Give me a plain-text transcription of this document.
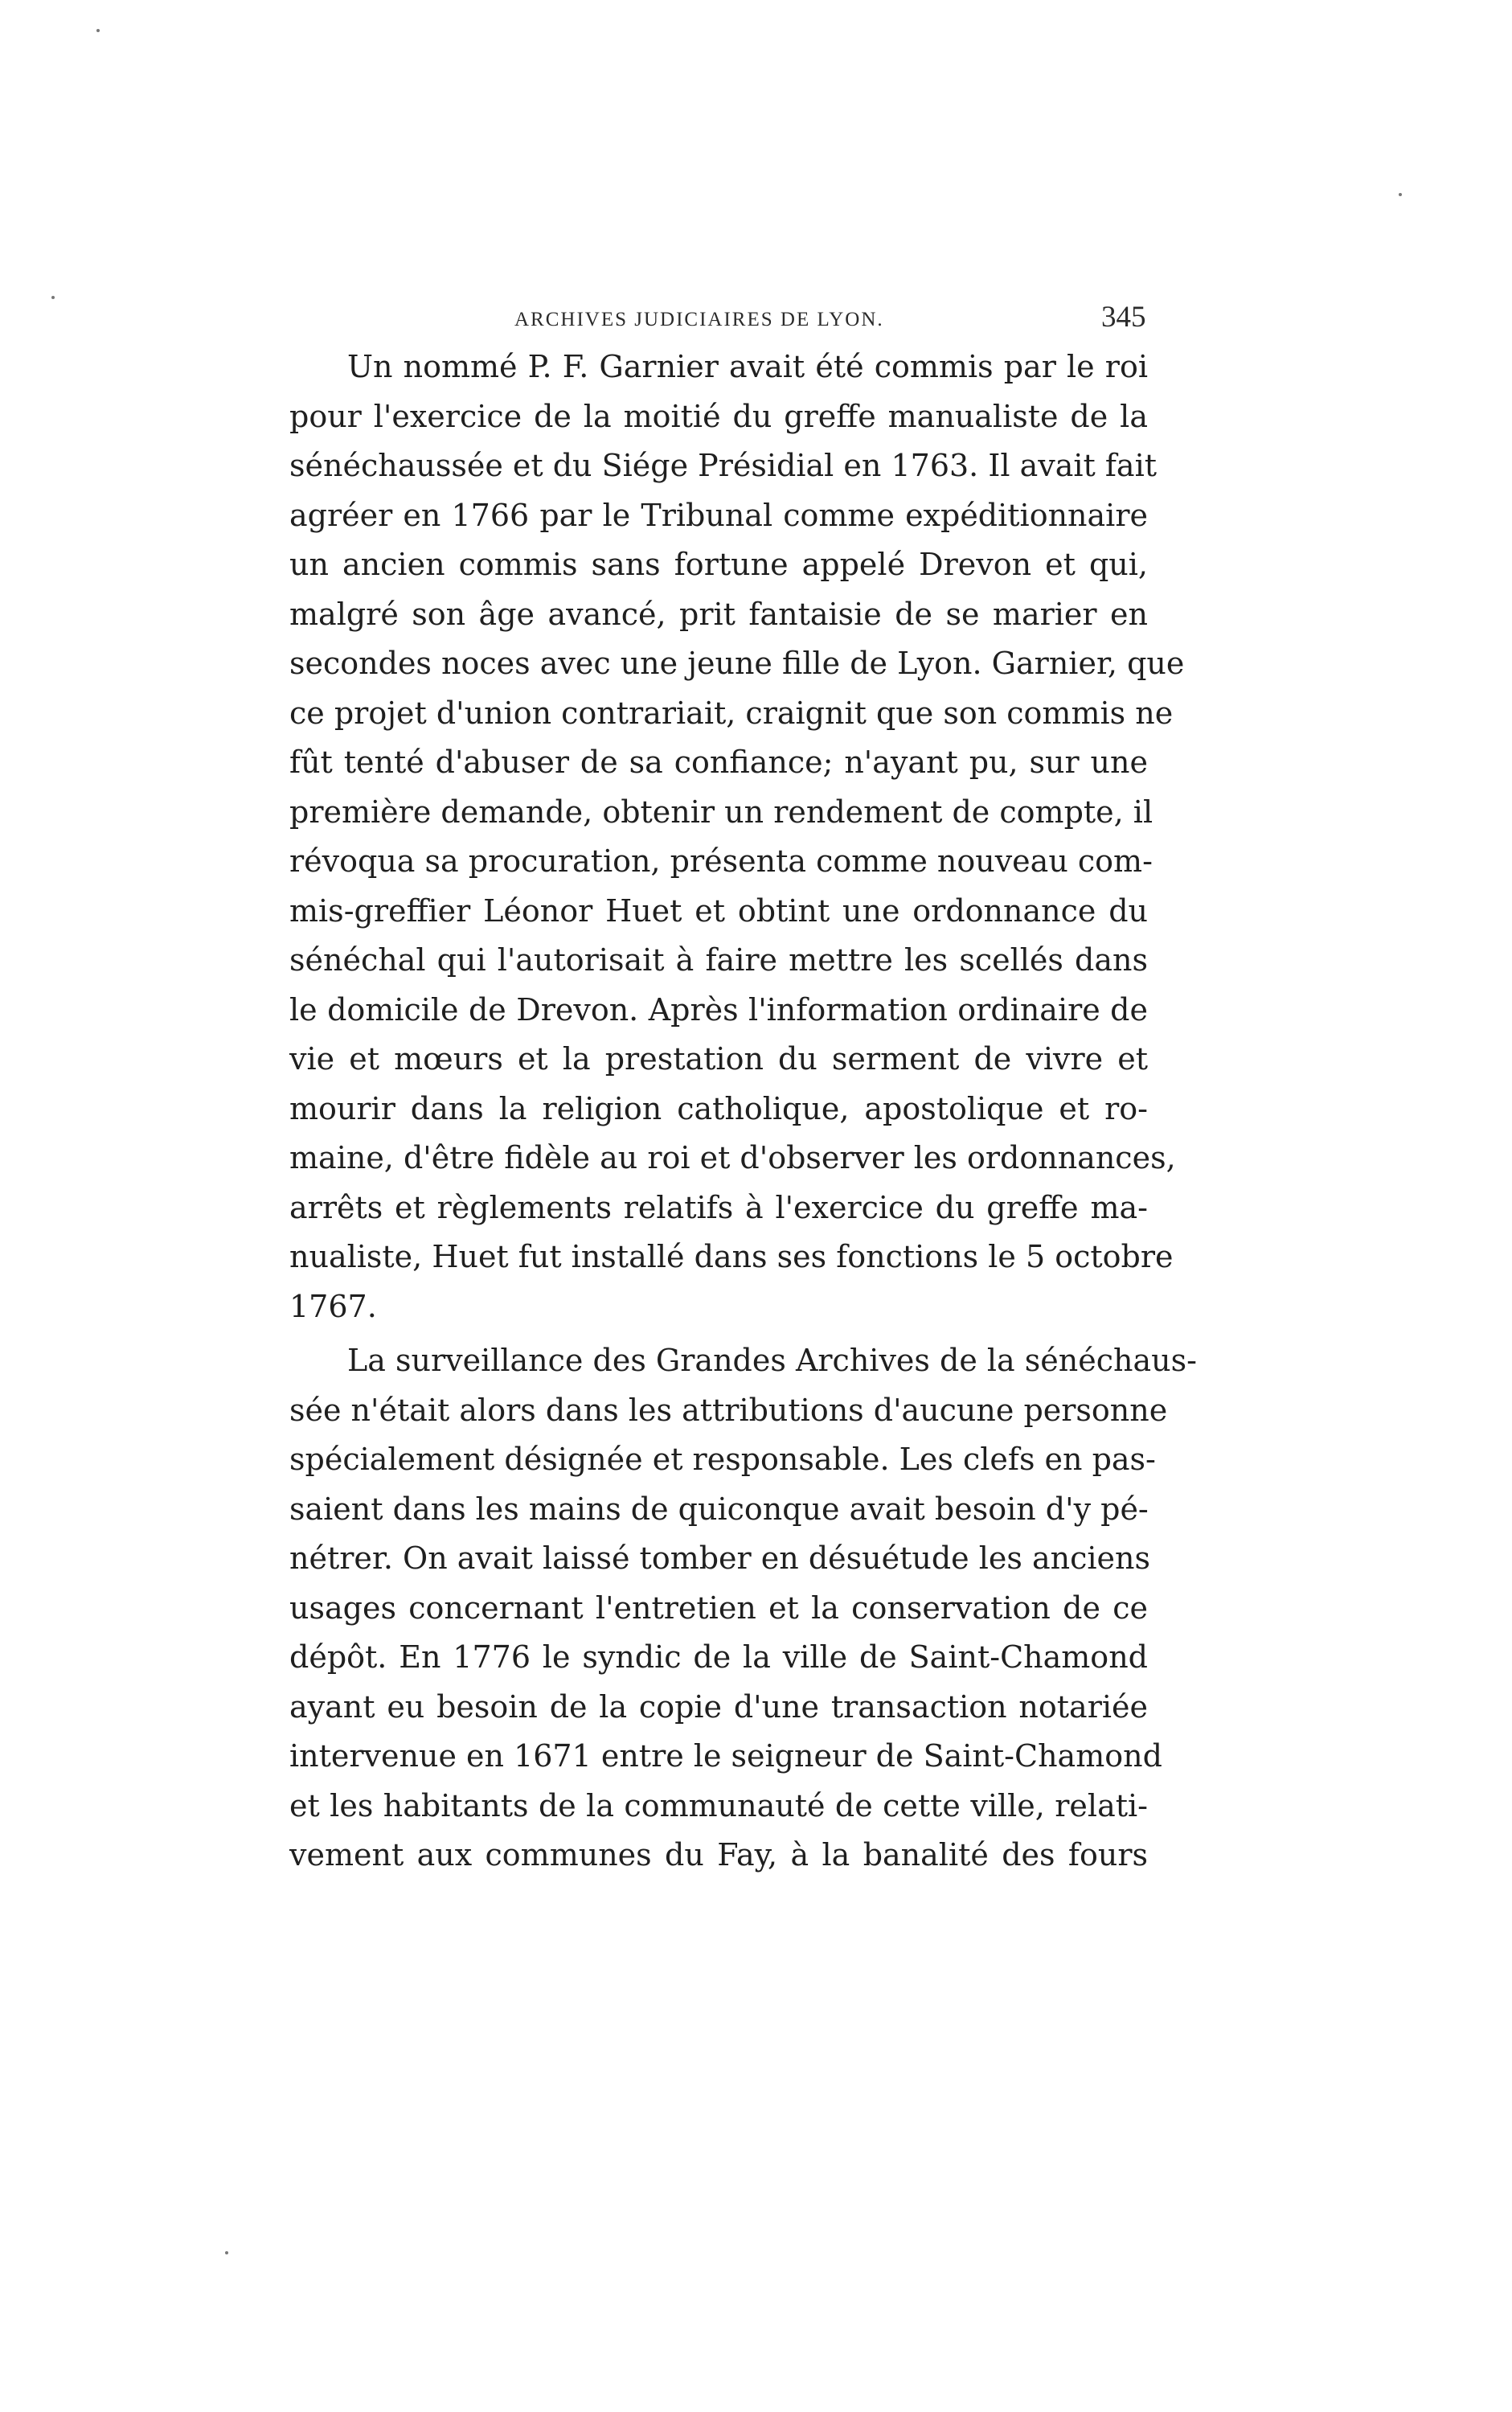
ARCHIVES JUDICIAIRES DE LYON.	345
Un nommé P. F. Garnier avait été commis par le roi
pour l'exercice de la moitié du greffe manualiste de la
sénéchaussée et du Siége Présidial en 1763. Il avait fait
agréer en 1766 par le Tribunal comme expéditionnaire
un ancien commis sans fortune appelé Drevon et qui,
malgré son âge avancé, prit fantaisie de se marier en
secondes noces avec une jeune fille de Lyon. Garnier, que
ce projet d'union contrariait, craignit que son commis ne
fût tenté d'abuser de sa confiance; n'ayant pu, sur une
première demande, obtenir un rendement de compte, il
révoqua sa procuration, présenta comme nouveau com-
mis-greffier Léonor Huet et obtint une ordonnance du
sénéchal qui l'autorisait à faire mettre les scellés dans
le domicile de Drevon. Après l'information ordinaire de
vie et mœurs et la prestation du serment de vivre et
mourir dans la religion catholique, apostolique et ro-
maine, d'être fidèle au roi et d'observer les ordonnances,
arrêts et règlements relatifs à l'exercice du greffe ma-
nualiste, Huet fut installé dans ses fonctions le 5 octobre
1767.
La surveillance des Grandes Archives de la sénéchaus-
sée n'était alors dans les attributions d'aucune personne
spécialement désignée et responsable. Les clefs en pas-
saient dans les mains de quiconque avait besoin d'y pé-
nétrer. On avait laissé tomber en désuétude les anciens
usages concernant l'entretien et la conservation de ce
dépôt. En 1776 le syndic de la ville de Saint-Chamond
ayant eu besoin de la copie d'une transaction notariée
intervenue en 1671 entre le seigneur de Saint-Chamond
et les habitants de la communauté de cette ville, relati-
vement aux communes du Fay, à la banalité des fours
